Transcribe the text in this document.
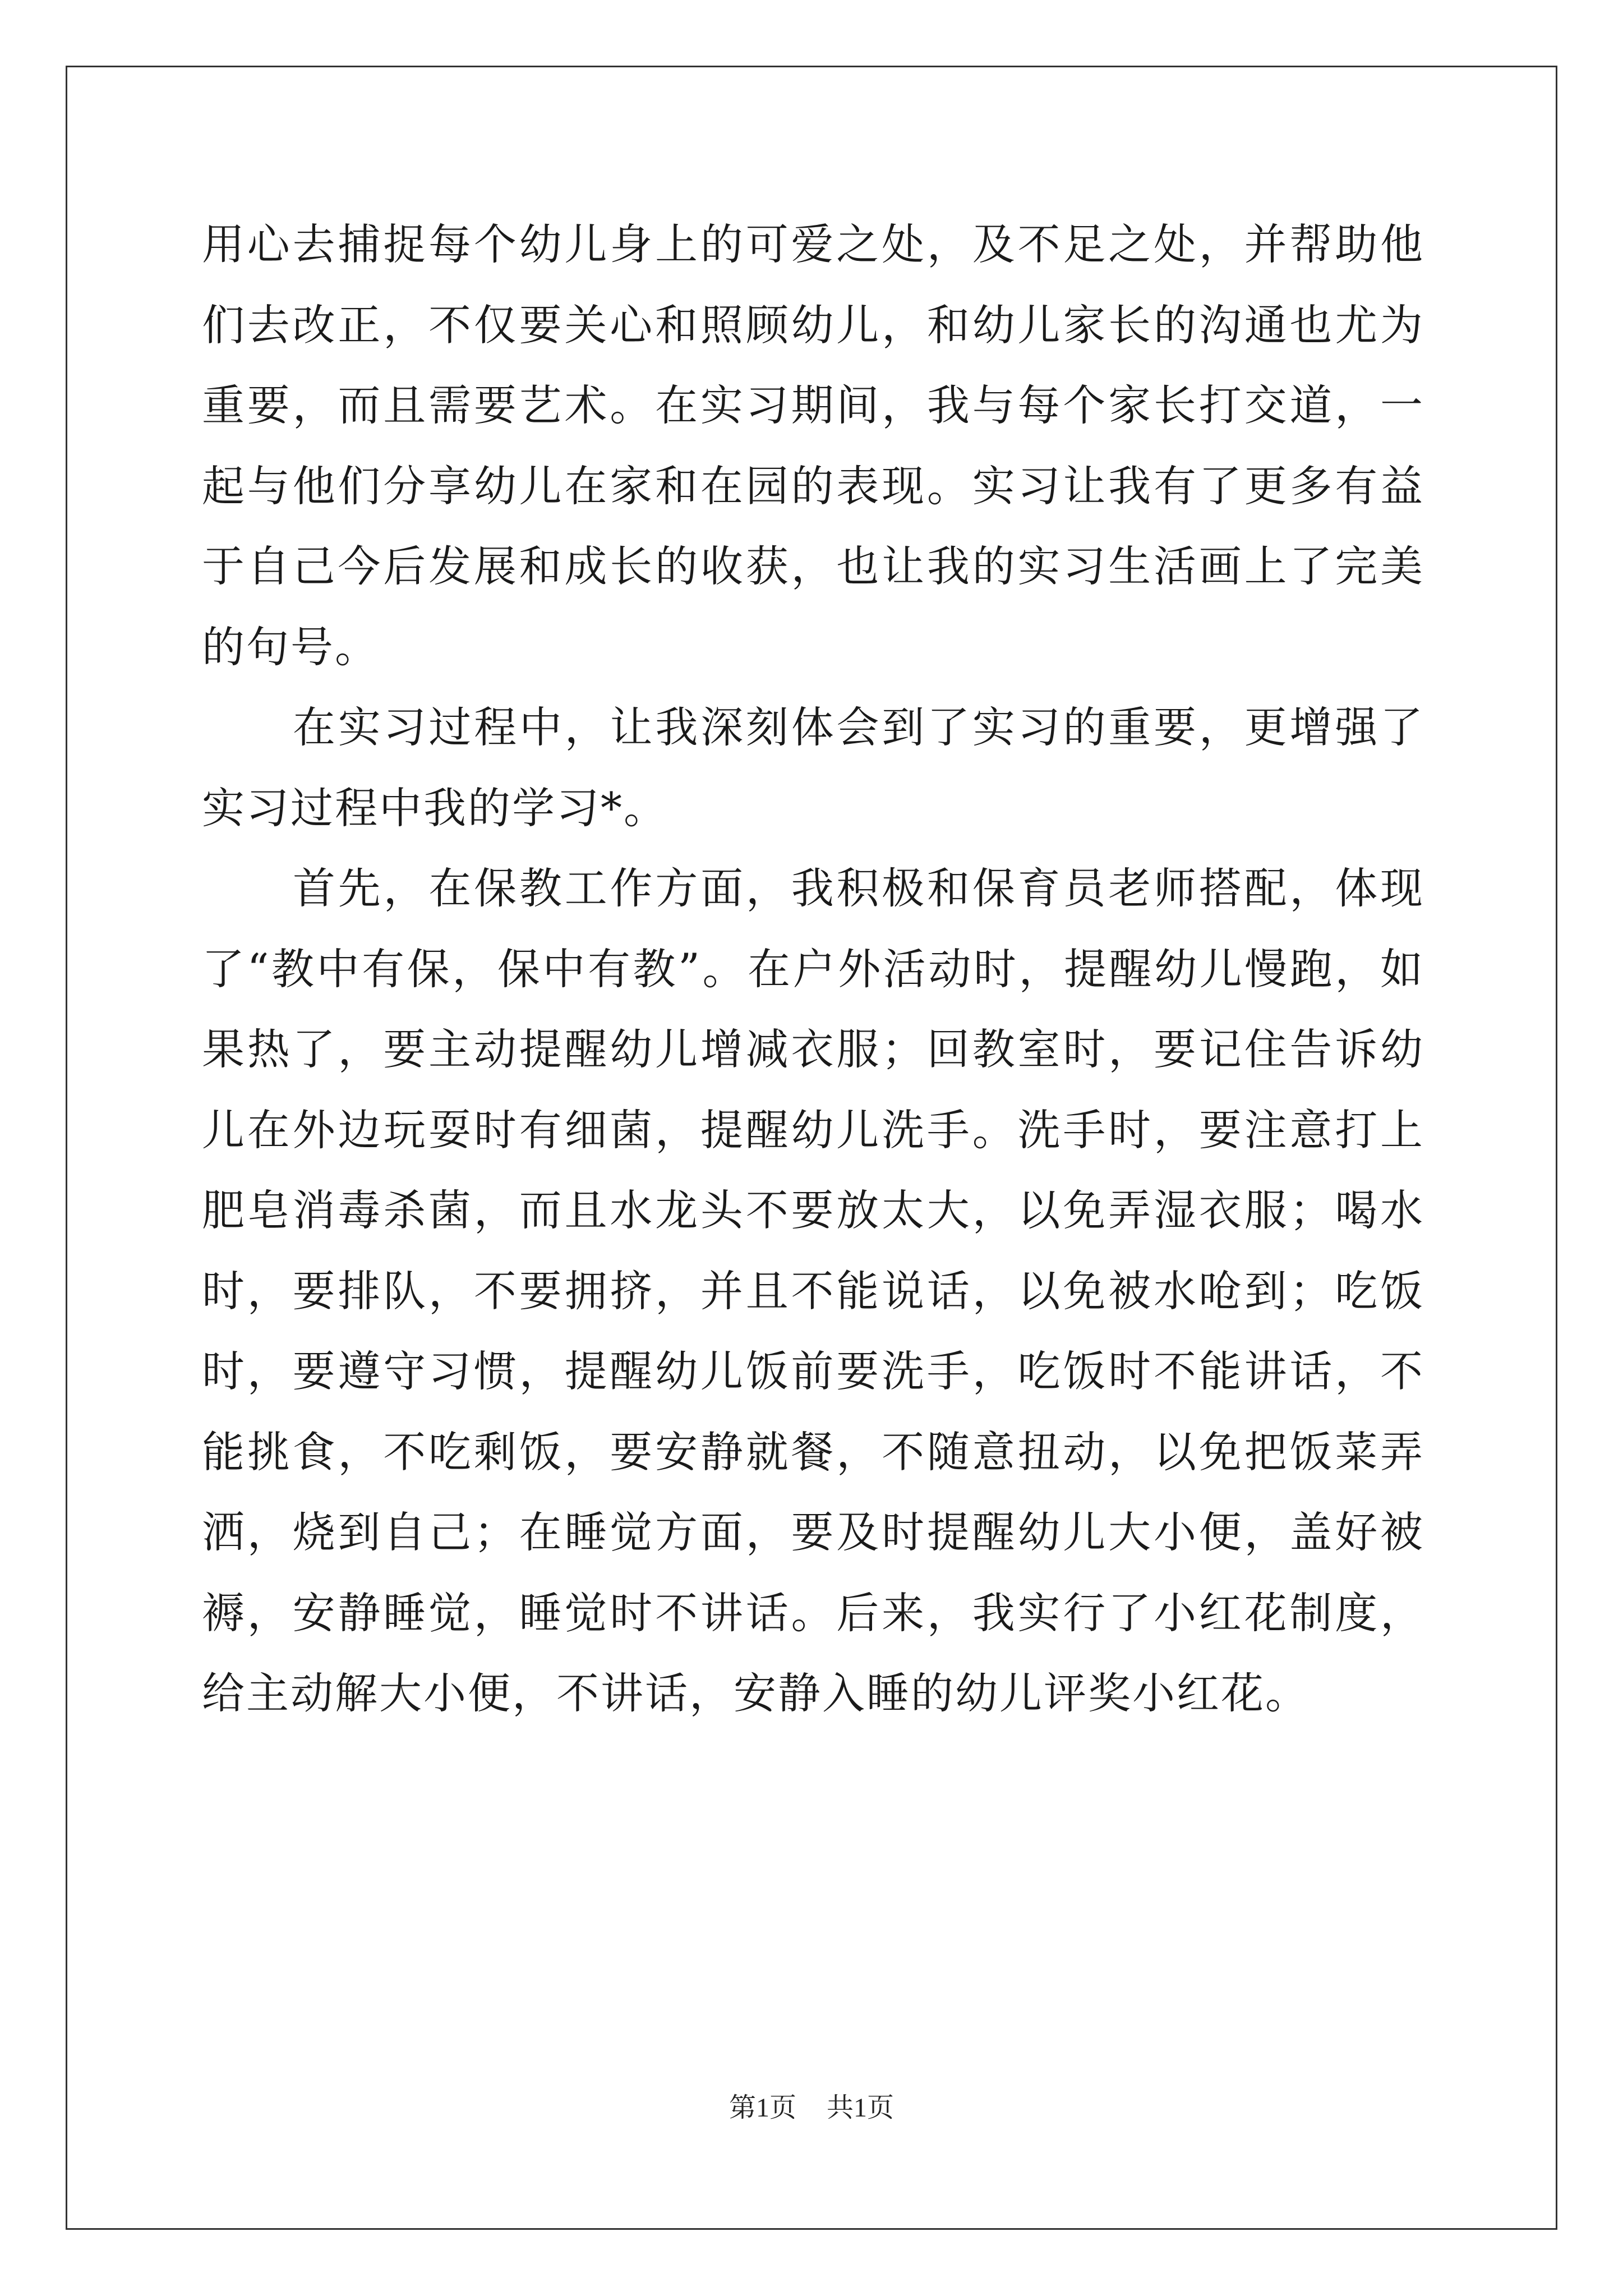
用心去捕捉每个幼儿身上的可爱之处，及不足之处，并帮助他们去改正，不仅要关心和照顾幼儿，和幼儿家长的沟通也尤为重要，而且需要艺术。在实习期间，我与每个家长打交道，一起与他们分享幼儿在家和在园的表现。实习让我有了更多有益于自己今后发展和成长的收获，也让我的实习生活画上了完美的句号。

在实习过程中，让我深刻体会到了实习的重要，更增强了实习过程中我的学习*。

首先，在保教工作方面，我积极和保育员老师搭配，体现了“教中有保，保中有教”。在户外活动时，提醒幼儿慢跑，如果热了，要主动提醒幼儿增减衣服；回教室时，要记住告诉幼儿在外边玩耍时有细菌，提醒幼儿洗手。洗手时，要注意打上肥皂消毒杀菌，而且水龙头不要放太大，以免弄湿衣服；喝水时，要排队，不要拥挤，并且不能说话，以免被水呛到；吃饭时，要遵守习惯，提醒幼儿饭前要洗手，吃饭时不能讲话，不能挑食，不吃剩饭，要安静就餐，不随意扭动，以免把饭菜弄洒，烧到自己；在睡觉方面，要及时提醒幼儿大小便，盖好被褥，安静睡觉，睡觉时不讲话。后来，我实行了小红花制度，给主动解大小便，不讲话，安静入睡的幼儿评奖小红花。

第1页 共1页
